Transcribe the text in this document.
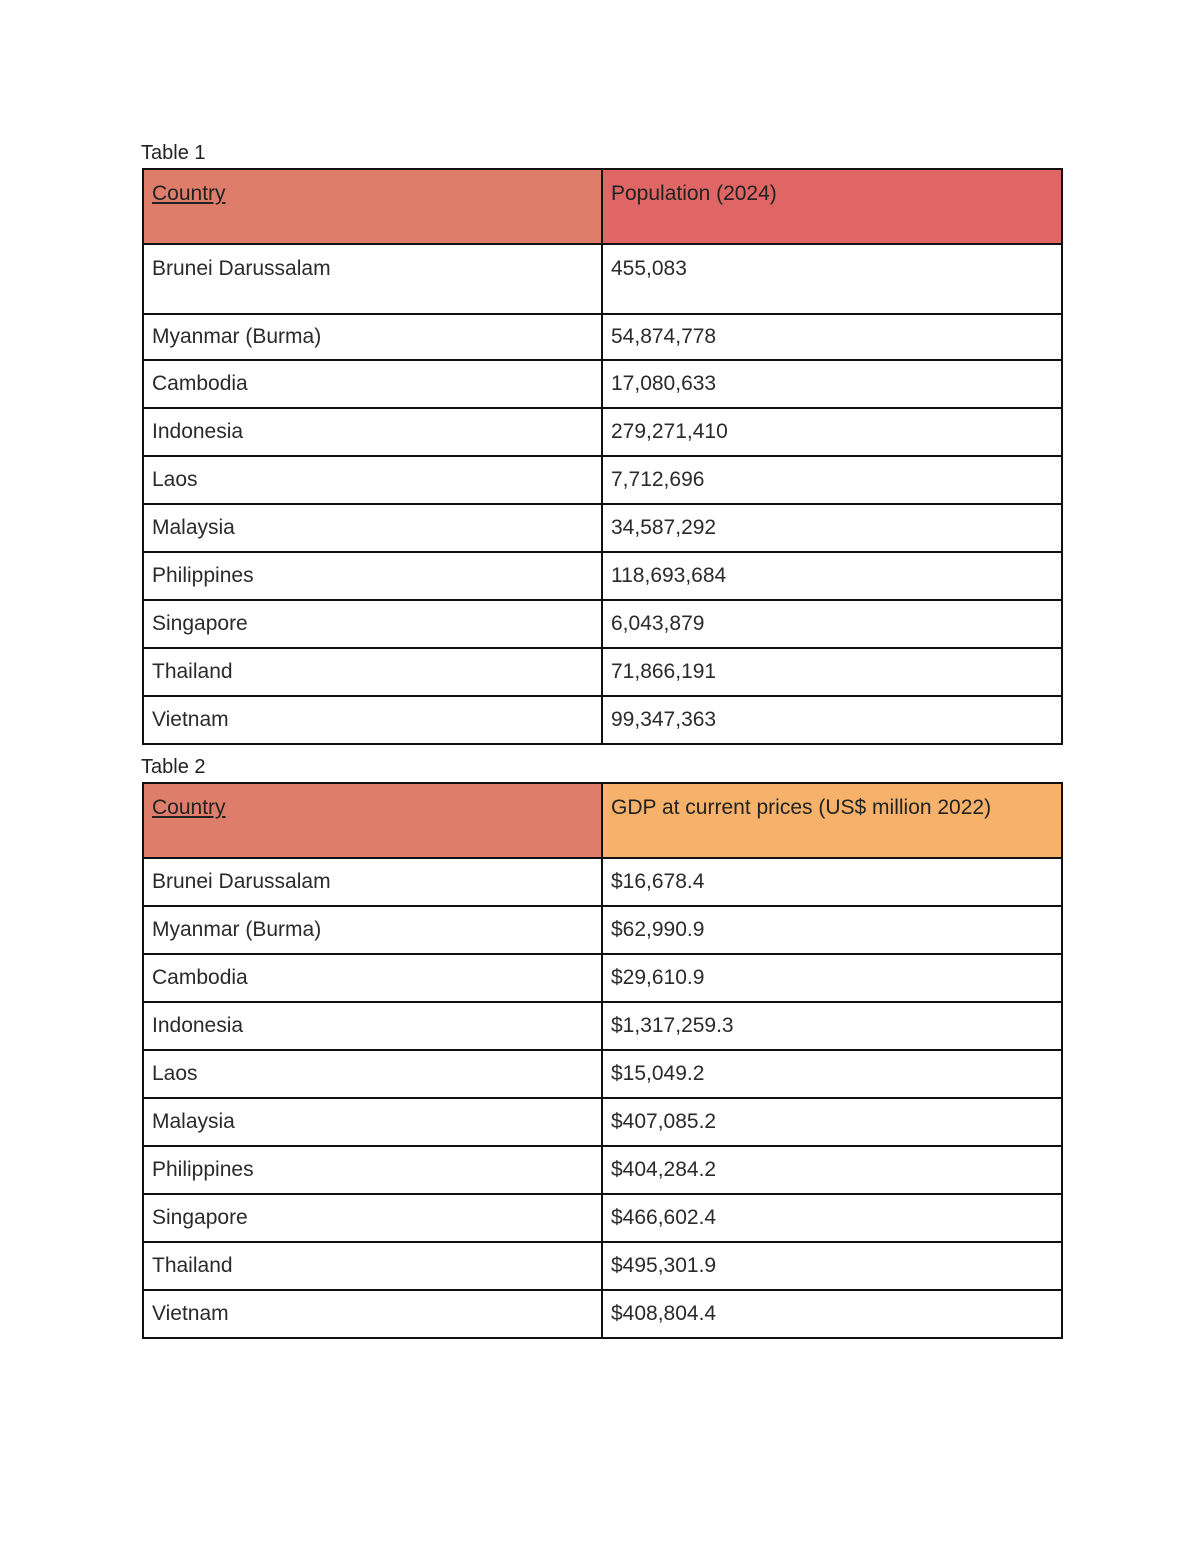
Table 1
Country	Population (2024)
Brunei Darussalam	455,083
Myanmar (Burma)	54,874,778
Cambodia	17,080,633
Indonesia	279,271,410
Laos	7,712,696
Malaysia	34,587,292
Philippines	118,693,684
Singapore	6,043,879
Thailand	71,866,191
Vietnam	99,347,363
Table 2
Country	GDP at current prices (US$ million 2022)
Brunei Darussalam	$16,678.4
Myanmar (Burma)	$62,990.9
Cambodia	$29,610.9
Indonesia	$1,317,259.3
Laos	$15,049.2
Malaysia	$407,085.2
Philippines	$404,284.2
Singapore	$466,602.4
Thailand	$495,301.9
Vietnam	$408,804.4
